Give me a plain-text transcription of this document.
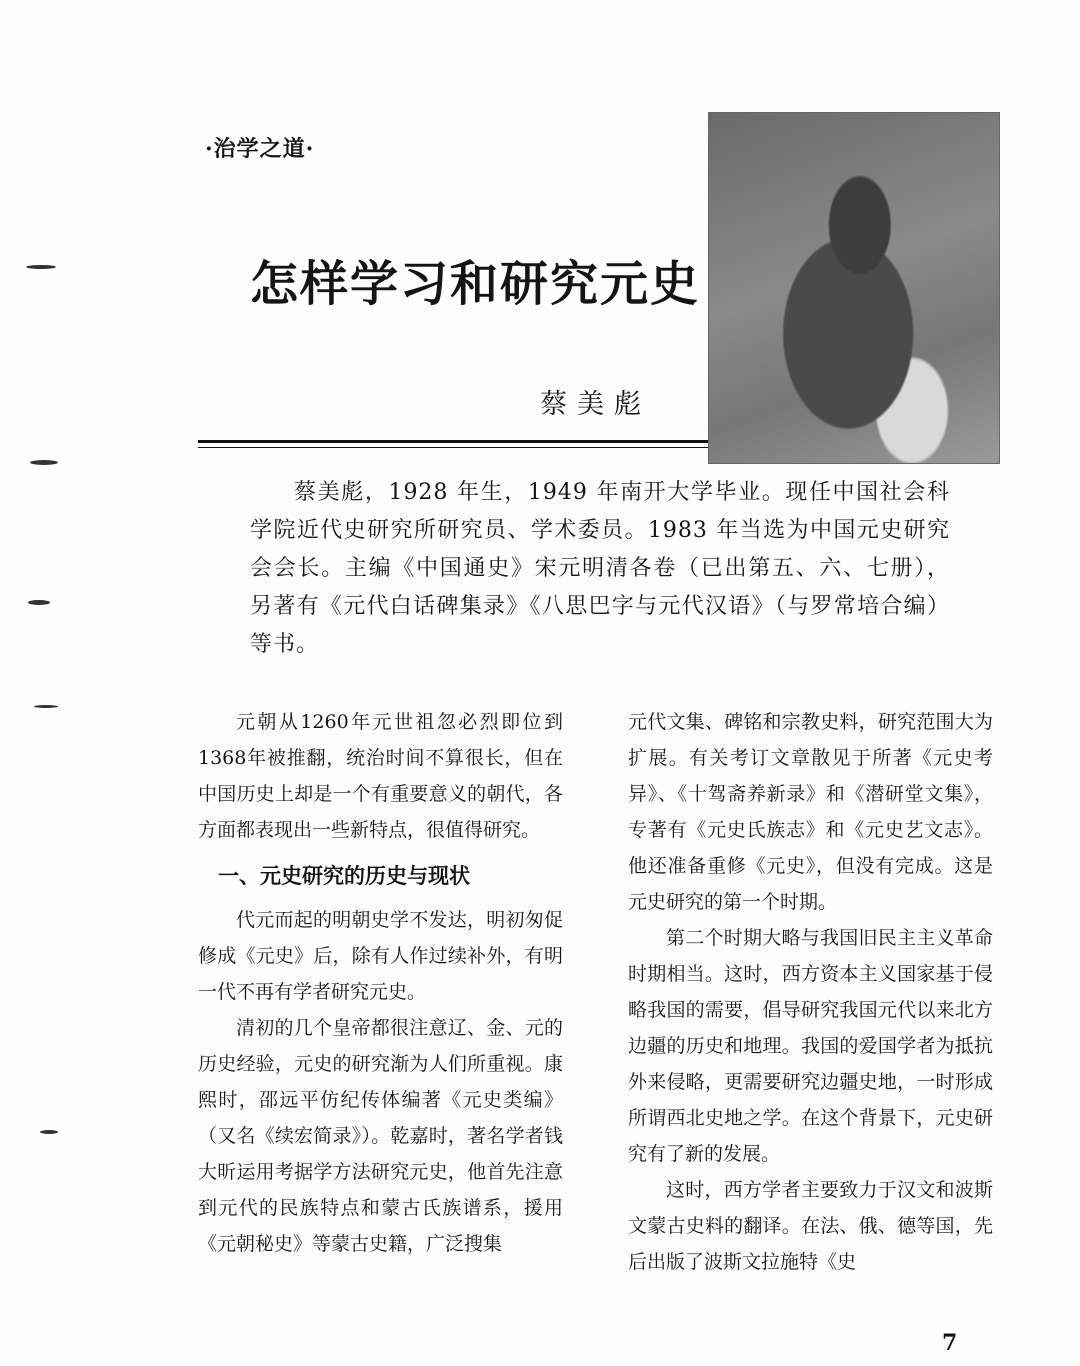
·治学之道·
怎样学习和研究元史
蔡美彪
蔡美彪，1928 年生，1949 年南开大学毕业。现任中国社会科学院近代史研究所研究员、学术委员。1983 年当选为中国元史研究会会长。主编《中国通史》宋元明清各卷（已出第五、六、七册），另著有《元代白话碑集录》《八思巴字与元代汉语》（与罗常培合编）等书。

元朝从1260年元世祖忽必烈即位到1368年被推翻，统治时间不算很长，但在中国历史上却是一个有重要意义的朝代，各方面都表现出一些新特点，很值得研究。

一、元史研究的历史与现状

代元而起的明朝史学不发达，明初匆促修成《元史》后，除有人作过续补外，有明一代不再有学者研究元史。

清初的几个皇帝都很注意辽、金、元的历史经验，元史的研究渐为人们所重视。康熙时，邵远平仿纪传体编著《元史类编》（又名《续宏简录》）。乾嘉时，著名学者钱大昕运用考据学方法研究元史，他首先注意到元代的民族特点和蒙古氏族谱系，援用《元朝秘史》等蒙古史籍，广泛搜集

元代文集、碑铭和宗教史料，研究范围大为扩展。有关考订文章散见于所著《元史考异》、《十驾斋养新录》和《潜研堂文集》，专著有《元史氏族志》和《元史艺文志》。他还准备重修《元史》，但没有完成。这是元史研究的第一个时期。

第二个时期大略与我国旧民主主义革命时期相当。这时，西方资本主义国家基于侵略我国的需要，倡导研究我国元代以来北方边疆的历史和地理。我国的爱国学者为抵抗外来侵略，更需要研究边疆史地，一时形成所谓西北史地之学。在这个背景下，元史研究有了新的发展。

这时，西方学者主要致力于汉文和波斯文蒙古史料的翻译。在法、俄、德等国，先后出版了波斯文拉施特《史

7
